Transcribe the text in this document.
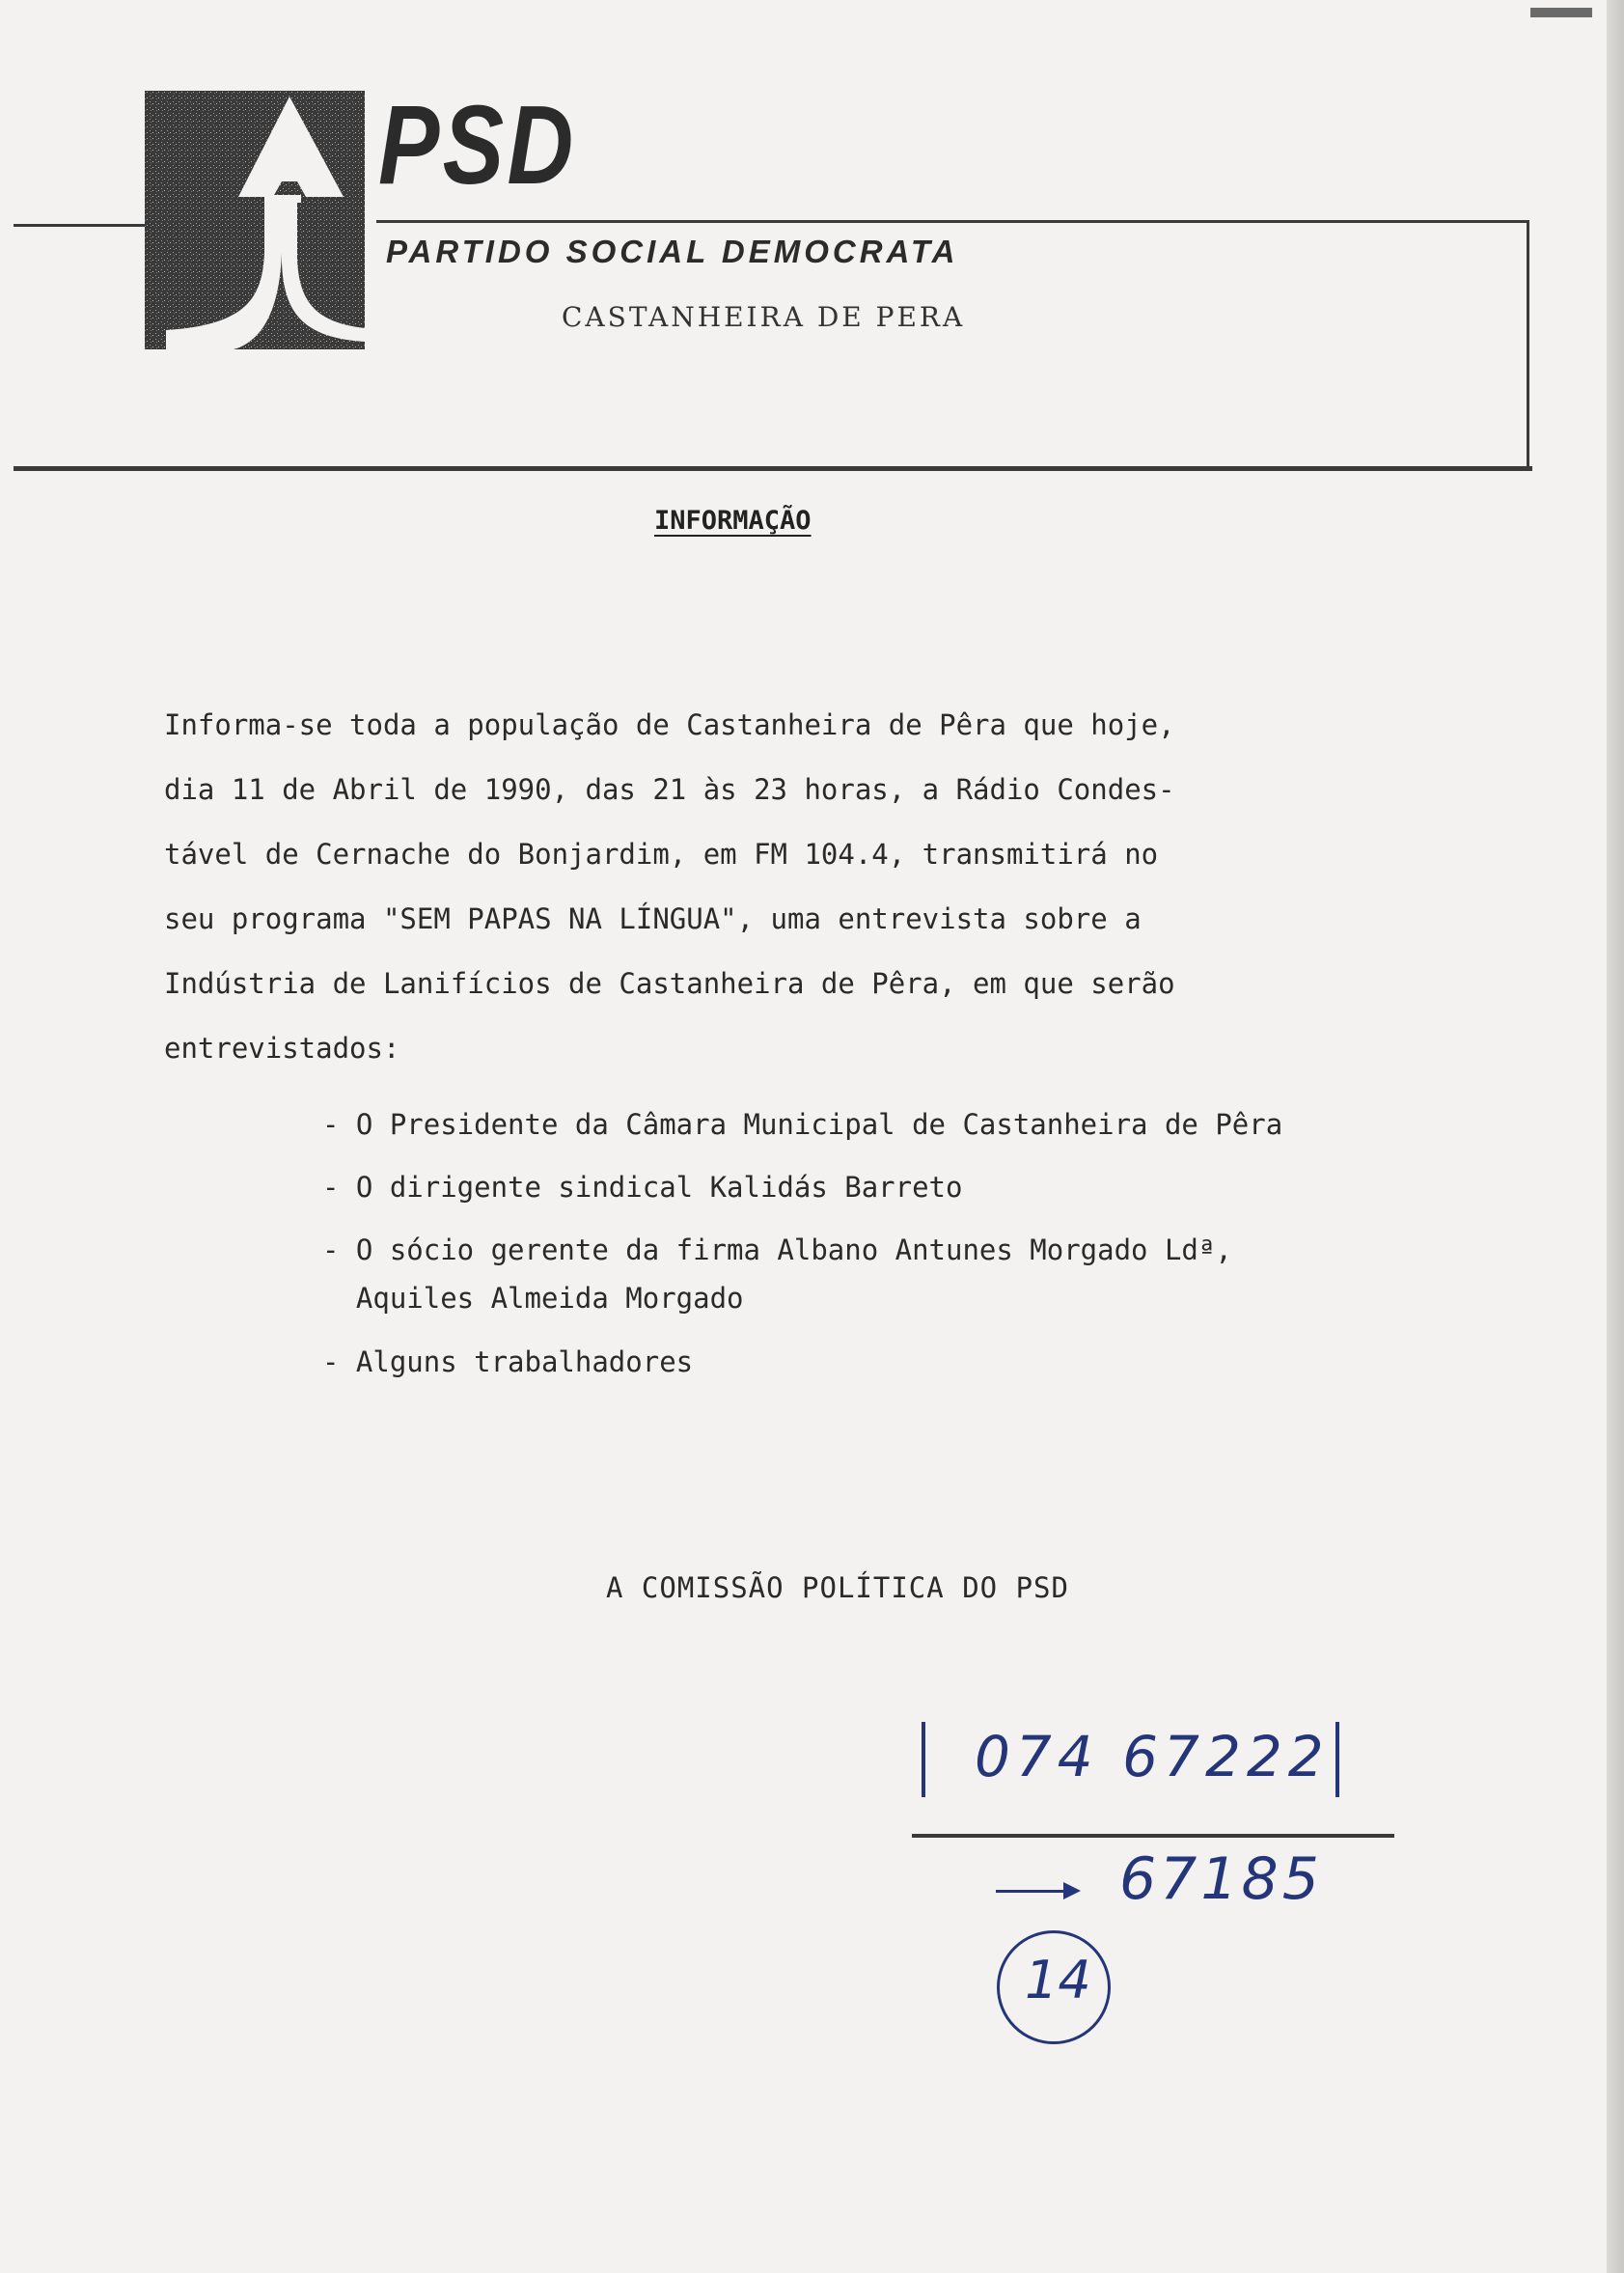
PSD
PARTIDO SOCIAL DEMOCRATA
CASTANHEIRA DE PERA
INFORMAÇÃO
Informa-se toda a população de Castanheira de Pêra que hoje,
dia 11 de Abril de 1990, das 21 às 23 horas, a Rádio Condes-
tável de Cernache do Bonjardim, em FM 104.4, transmitirá no
seu programa "SEM PAPAS NA LÍNGUA", uma entrevista sobre a
Indústria de Lanifícios de Castanheira de Pêra, em que serão
entrevistados:
- O Presidente da Câmara Municipal de Castanheira de Pêra
- O dirigente sindical Kalidás Barreto
- O sócio gerente da firma Albano Antunes Morgado Ldª,
Aquiles Almeida Morgado
- Alguns trabalhadores
A COMISSÃO POLÍTICA DO PSD
074 67222
67185
14
